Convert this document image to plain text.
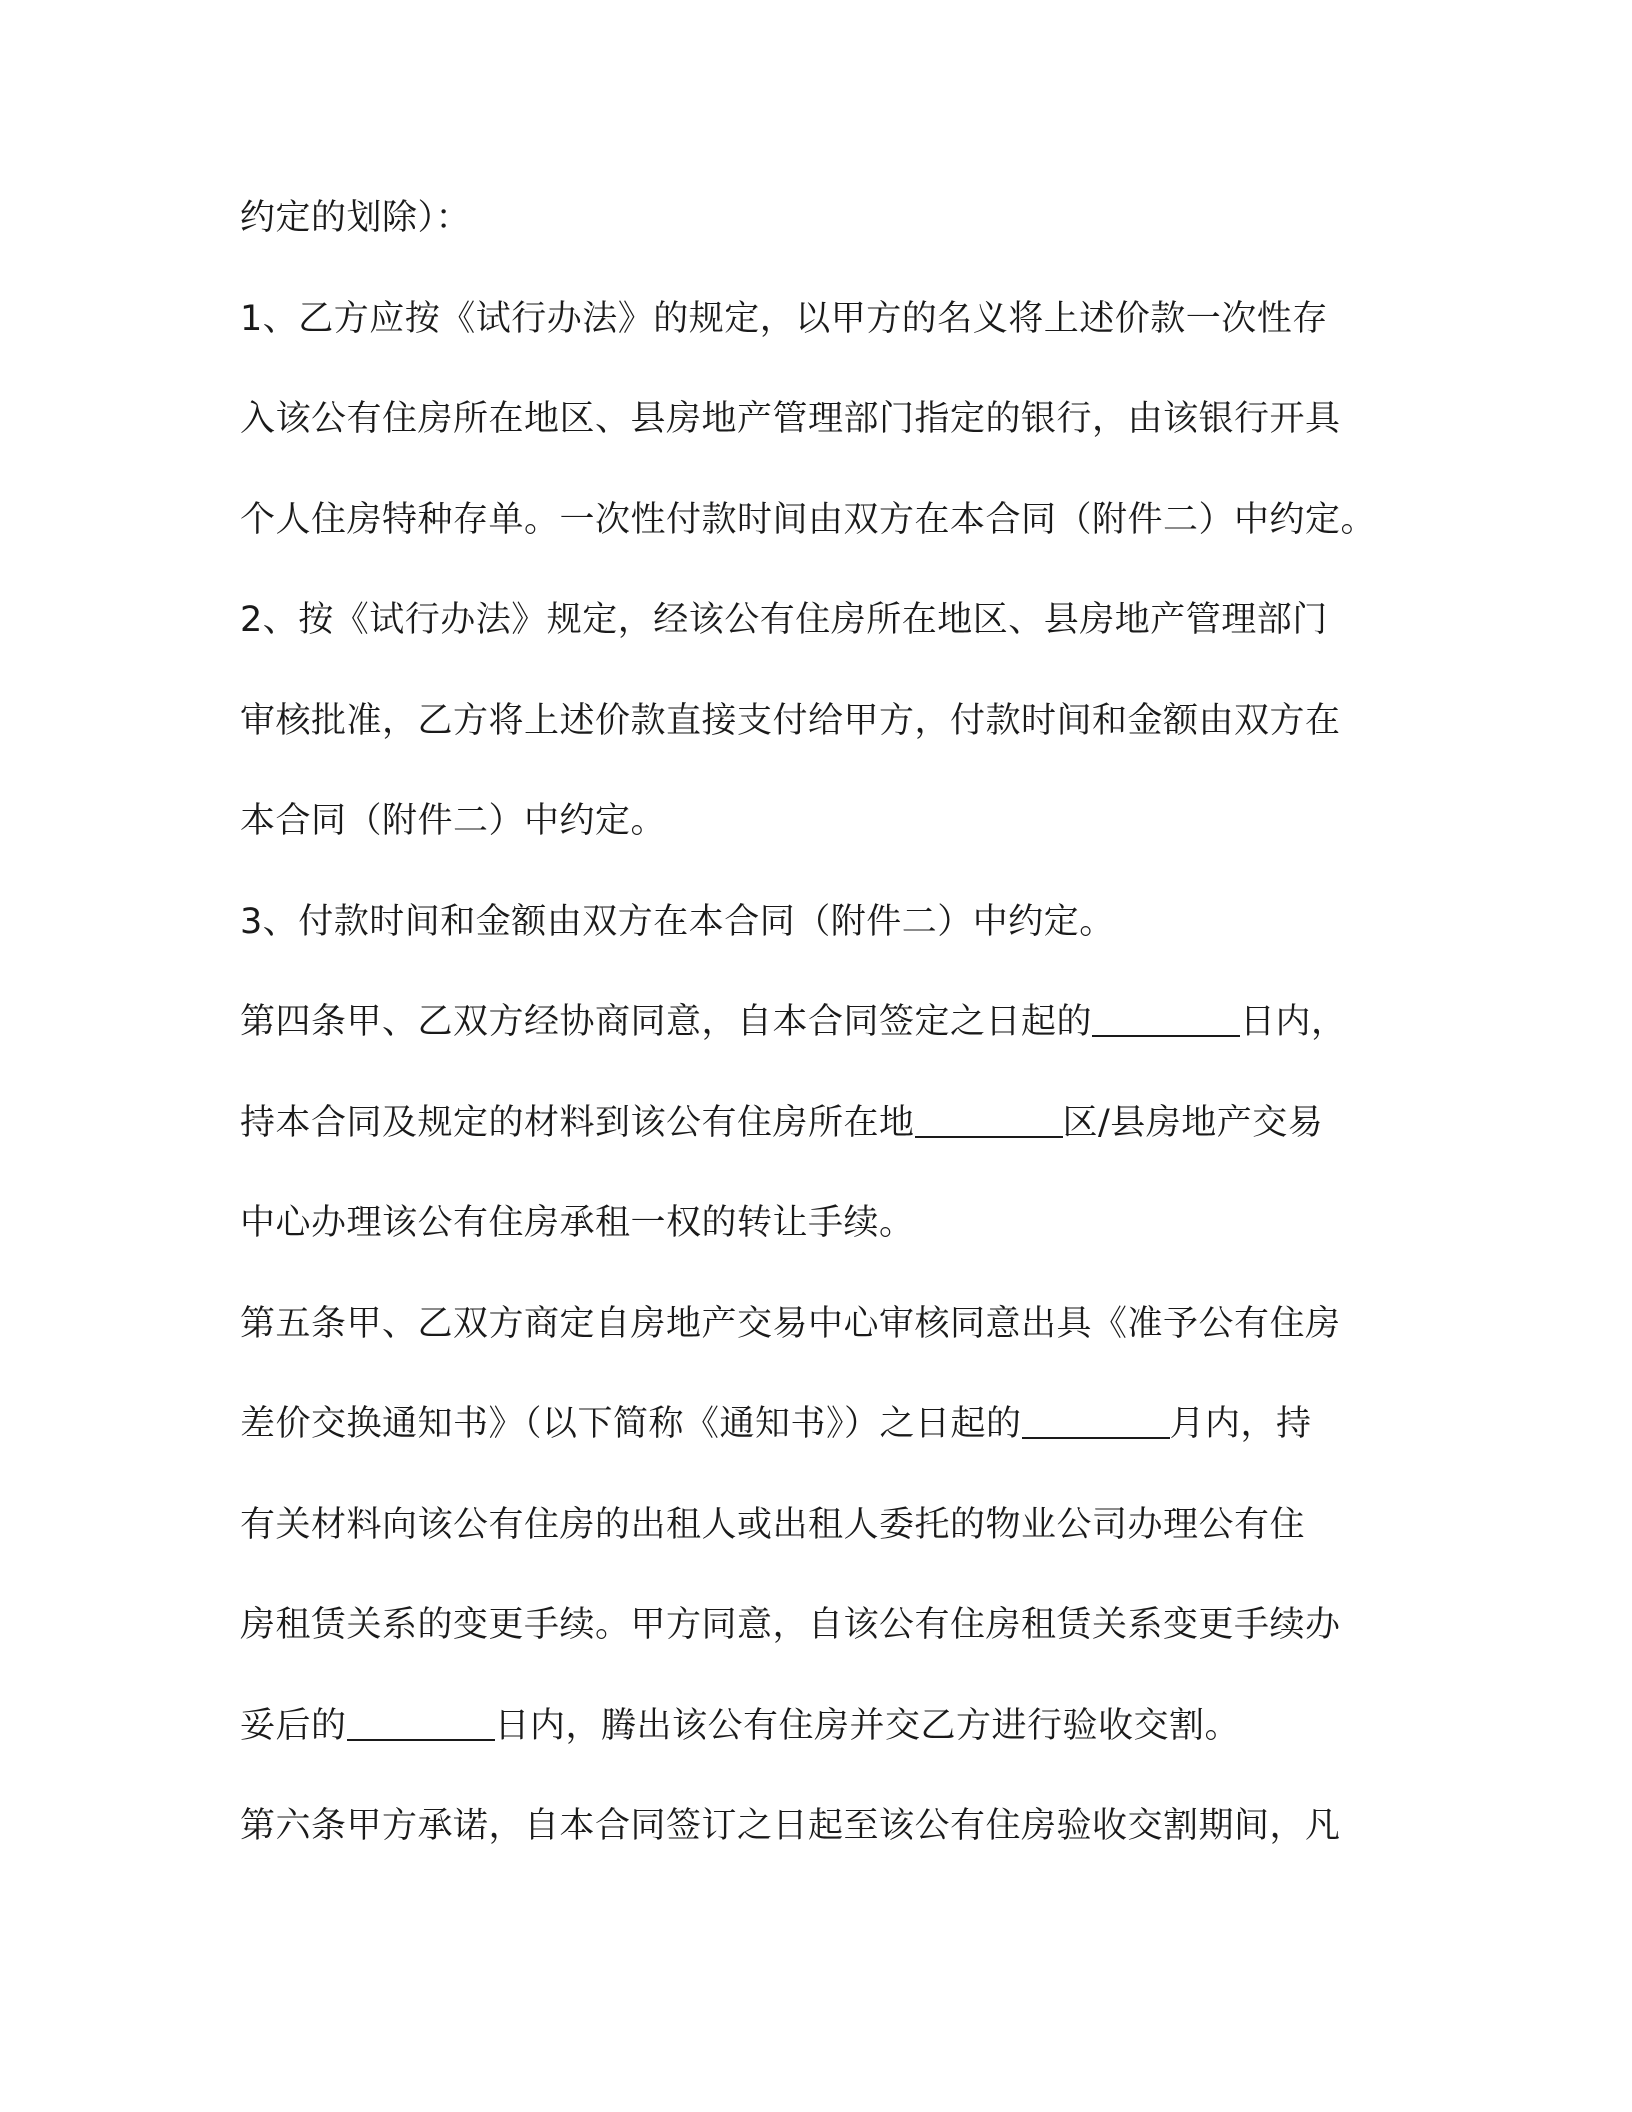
约定的划除）：
1、乙方应按《试行办法》的规定，以甲方的名义将上述价款一次性存
入该公有住房所在地区、县房地产管理部门指定的银行，由该银行开具
个人住房特种存单。一次性付款时间由双方在本合同（附件二）中约定。
2、按《试行办法》规定，经该公有住房所在地区、县房地产管理部门
审核批准，乙方将上述价款直接支付给甲方，付款时间和金额由双方在
本合同（附件二）中约定。
3、付款时间和金额由双方在本合同（附件二）中约定。
第四条甲、乙双方经协商同意，自本合同签定之日起的	日内，
持本合同及规定的材料到该公有住房所在地	区/县房地产交易
中心办理该公有住房承租一权的转让手续。
第五条甲、乙双方商定自房地产交易中心审核同意出具《准予公有住房
差价交换通知书》（以下简称《通知书》）之日起的	月内，持
有关材料向该公有住房的出租人或出租人委托的物业公司办理公有住
房租赁关系的变更手续。甲方同意，自该公有住房租赁关系变更手续办
妥后的	日内，腾出该公有住房并交乙方进行验收交割。
第六条甲方承诺，自本合同签订之日起至该公有住房验收交割期间，凡
